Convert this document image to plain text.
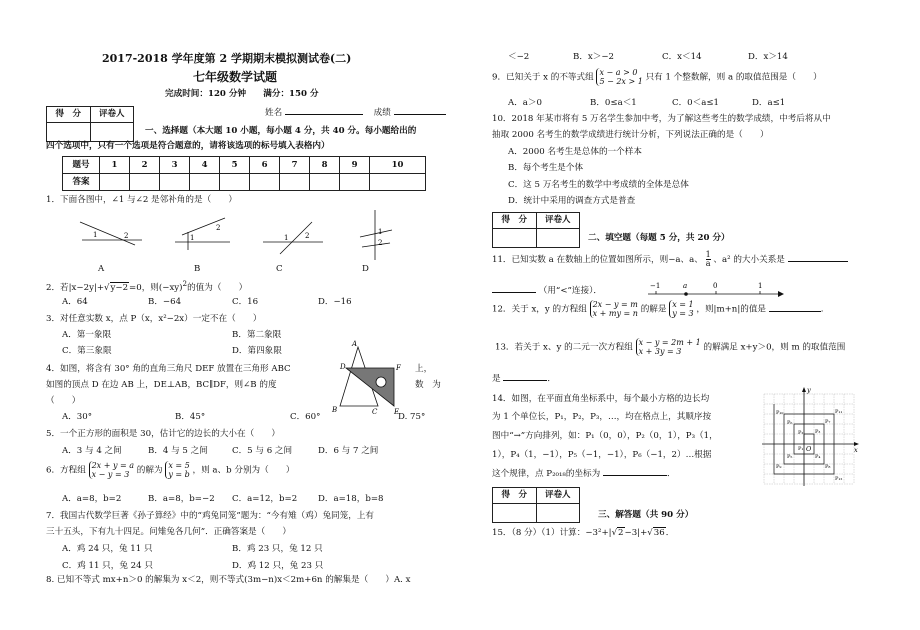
2017-2018 学年度第 2 学期期末模拟测试卷(二)
七年级数学试题
完成时间：120 分钟　　满分：150 分
得　分	评卷人
		姓名	成绩
一、选择题（本大题 10 小题，每小题 4 分，共 40 分。每小题给出的
四个选项中，只有一个选项是符合题意的，请将该选项的标号填入表格内）
题号	1	2	3	4	5	6	7	8	9	10
答案										
1．下面各图中，∠1 与∠2 是邻补角的是（　　）
1	2	1
2
1 2	1
2
A	B	C	D
2．若|x−2y|+√y−2=0，则$(-xy)^2$的值为（　　）
A．64	B．−64	C．16	D．−16
3．对任意实数 x，点 P（x，x²−2x）一定不在（　　）
A．第一象限	B．第二象限
C．第三象限	D．第四象限
A
D	F
B	C E
4．如图，将含有 30° 角的直角三角尺 DEF 放置在三角形 ABC	上，
如图的顶点 D 在边 AB 上，DE⊥AB，BC∥DF，则∠B 的度	数　为
（　　）
A．30°	B．45°	C．60°	D. 75°
5．一个正方形的面积是 30，估计它的边长的大小在（　　）
A．3 与 4 之间	B．4 与 5 之间	C．5 与 6 之间	D．6 与 7 之间
6．方程组 2x + y = a
x − y = 3 的解为 x = 5
y = b ，则 a、b 分别为（　　）
A．a=8，b=2	B．a=8，b=−2 C．a=12，b=2 D．a=18，b=8
7．我国古代数学巨著《孙子算经》中的“鸡兔同笼”题为：“今有雉（鸡）兔同笼，上有
三十五头，下有九十四足。问雉兔各几何”．正确答案是（　　）
A．鸡 24 只，兔 11 只	B．鸡 23 只，兔 12 只
C．鸡 11 只，兔 24 只	D．鸡 12 只，兔 23 只
8. 已知不等式 mx+n＞0 的解集为 x＜2，则不等式(3m−n)x＜2m+6n 的解集是（　　）A. x
＜−2	B．x＞−2	C．x＜14	D．x＞14
9．已知关于 x 的不等式组 x − a > 0
5 − 2x > 1 只有 1 个整数解，则 a 的取值范围是（　　）
A．a＞0	B．0≤a＜1	C．0＜a≤1	D．a≤1
10．2018 年某市将有 5 万名学生参加中考，为了解这些考生的数学成绩，中考后将从中
抽取 2000 名考生的数学成绩进行统计分析，下列说法正确的是（　　）
A．2000 名考生是总体的一个样本
B．每个考生是个体
C．这 5 万名考生的数学中考成绩的全体是总体
D．统计中采用的调查方式是普查
得　分	评卷人

二、填空题（每题 5 分，共 20 分）
11．已知实数 a 在数轴上的位置如图所示，则−a、a、 $\frac{1}{a}$ 、a² 的大小关系是
（用“<”连接）．	−1	a	0	1
12．关于 x，y 的方程组 2x − y = m
x + my = n 的解是 x = 1
y = 3 ，则|m+n|的值是	.
13．若关于 x、y 的二元一次方程组 x − y = 2m + 1
x + 3y = 3	的解满足 x+y＞0，则 m 的取值范围
是	．
14．如图，在平面直角坐标系中，每个最小方格的边长均
为 1 个单位长，P₁，P₂，P₃，…，均在格点上，其顺序按
图中“→”方向排列，如：P₁（0，0），P₂（0，1），P₃（1，
1），P₄（1，−1），P₅（−1，−1），P₆（−1，2）…根据
这个规律，点 P₂₀₁₈的坐标为	．
y
x
O
P₁
P₂ P₃
P₄
P₅
P₆	P₇
P₈
P₉
P₁₀	P₁₁
P₁₂
得　分	评卷人

三、解答题（共 90 分）
15．（8 分）（1）计算：−3²+|√2−3|+√36．
